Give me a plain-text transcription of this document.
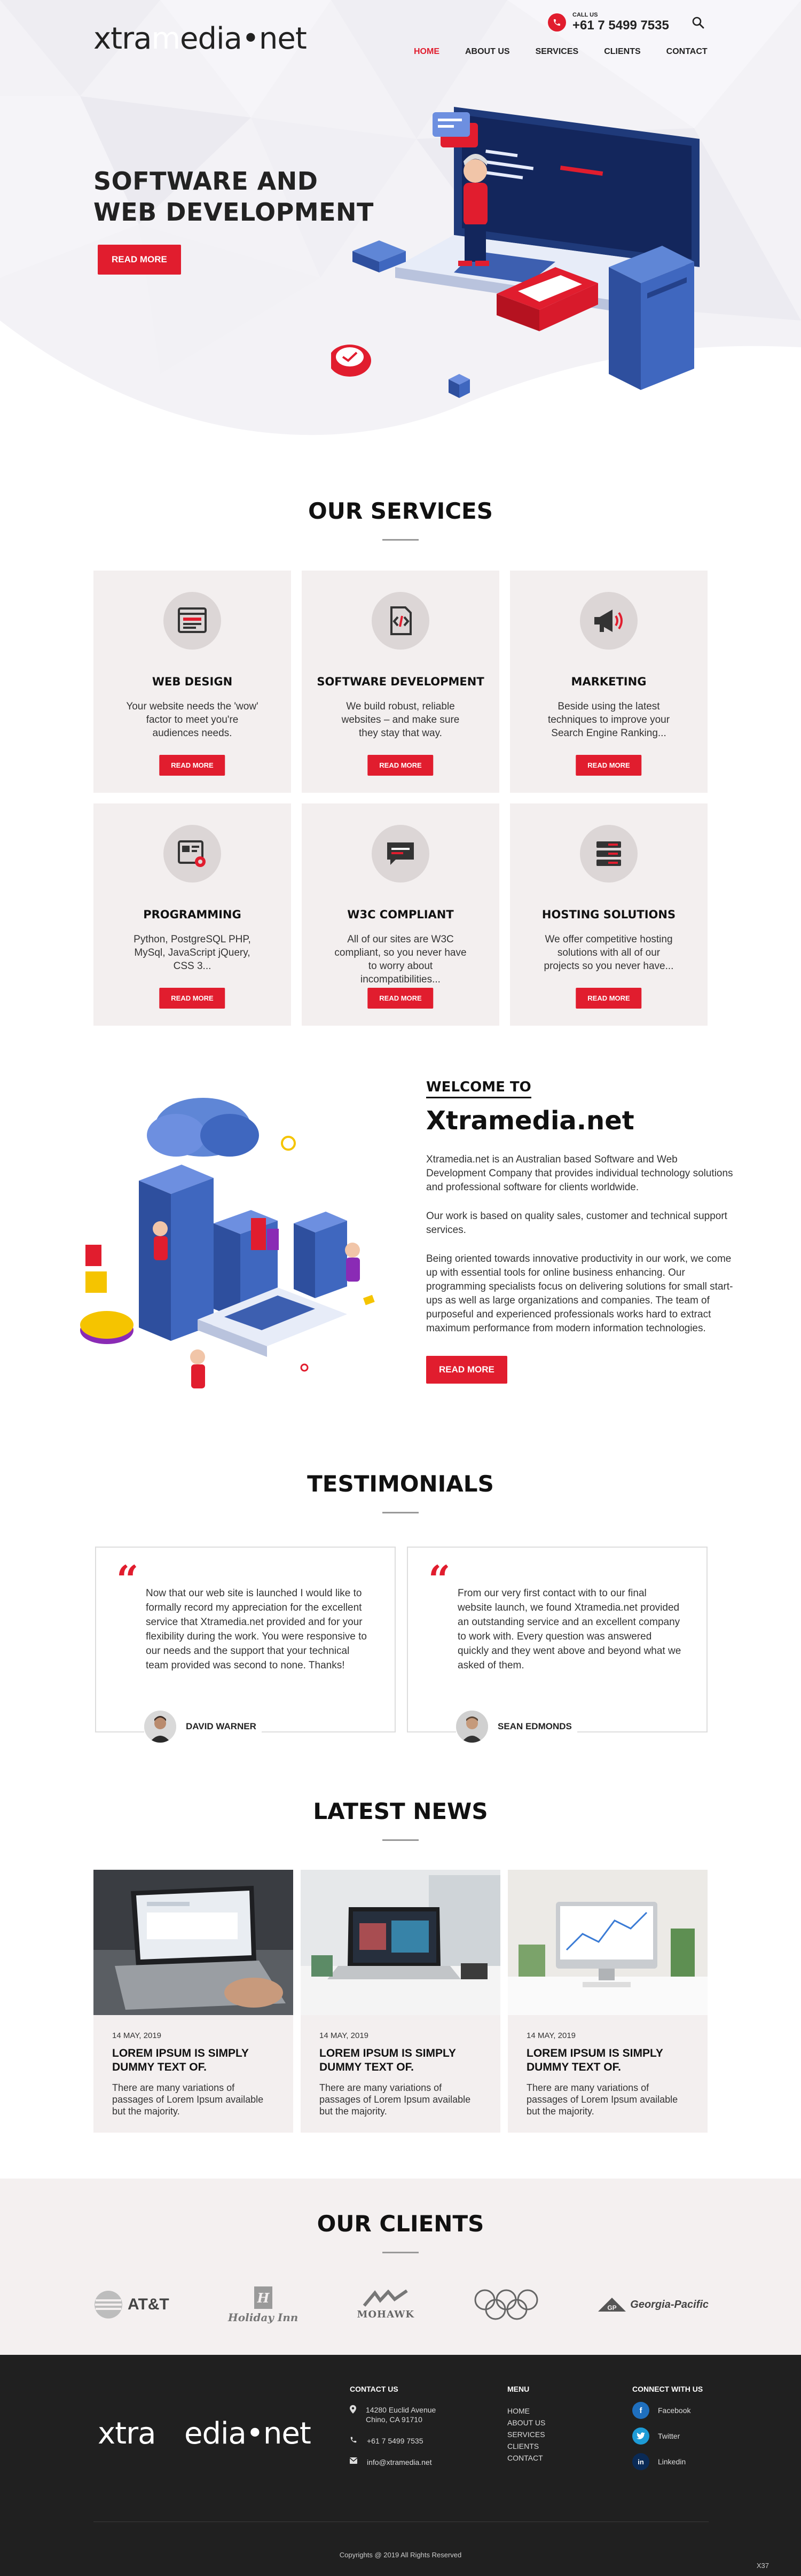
xtramedia•net
CALL US
+61 7 5499 7535
HOME	ABOUT US	SERVICES	CLIENTS	CONTACT
SOFTWARE AND
WEB DEVELOPMENT
READ MORE
OUR SERVICES
WEB DESIGN

Your website needs the 'wow' factor to meet you're audiences needs.

READ MORE
SOFTWARE DEVELOPMENT

We build robust, reliable websites – and make sure they stay that way.

READ MORE
MARKETING

Beside using the latest techniques to improve your Search Engine Ranking...

READ MORE
PROGRAMMING

Python, PostgreSQL PHP, MySql, JavaScript jQuery, CSS 3...

READ MORE
W3C COMPLIANT

All of our sites are W3C compliant, so you never have to worry about incompatibilities...

READ MORE
HOSTING SOLUTIONS

We offer competitive hosting solutions with all of our projects so you never have...

READ MORE
WELCOME TO
Xtramedia.net

Xtramedia.net is an Australian based Software and Web Development Company that provides individual technology solutions and professional software for clients worldwide.

Our work is based on quality sales, customer and technical support services.

Being oriented towards innovative productivity in our work, we come up with essential tools for online business enhancing. Our programming specialists focus on delivering solutions for small start-ups as well as large organizations and companies. The team of purposeful and experienced professionals works hard to extract maximum performance from modern information technologies.

READ MORE
TESTIMONIALS
“ Now that our web site is launched I would like to formally record my appreciation for the excellent service that Xtramedia.net provided and for your flexibility during the work. You were responsive to our needs and the support that your technical team provided was second to none. Thanks!

DAVID WARNER
“ From our very first contact with to our final website launch, we found Xtramedia.net provided an outstanding service and an excellent company to work with. Every question was answered quickly and they went above and beyond what we asked of them.

SEAN EDMONDS
LATEST NEWS
14 MAY, 2019
LOREM IPSUM IS SIMPLY DUMMY TEXT OF.

There are many variations of passages of Lorem Ipsum available but the majority.

14 MAY, 2019
LOREM IPSUM IS SIMPLY DUMMY TEXT OF.

There are many variations of passages of Lorem Ipsum available but the majority.

14 MAY, 2019
LOREM IPSUM IS SIMPLY DUMMY TEXT OF.

There are many variations of passages of Lorem Ipsum available but the majority.

OUR CLIENTS
AT&T	H
Holiday Inn	MOHAWK
GP Georgia-Pacific
xtramedia•net
CONTACT US
14280 Euclid Avenue
Chino, CA 91710
+61 7 5499 7535
info@xtramedia.net
MENU
HOME
ABOUT US
SERVICES
CLIENTS
CONTACT
CONNECT WITH US
f	Facebook
Twitter
in	Linkedin
Copyrights @ 2019 All Rights Reserved
X37
